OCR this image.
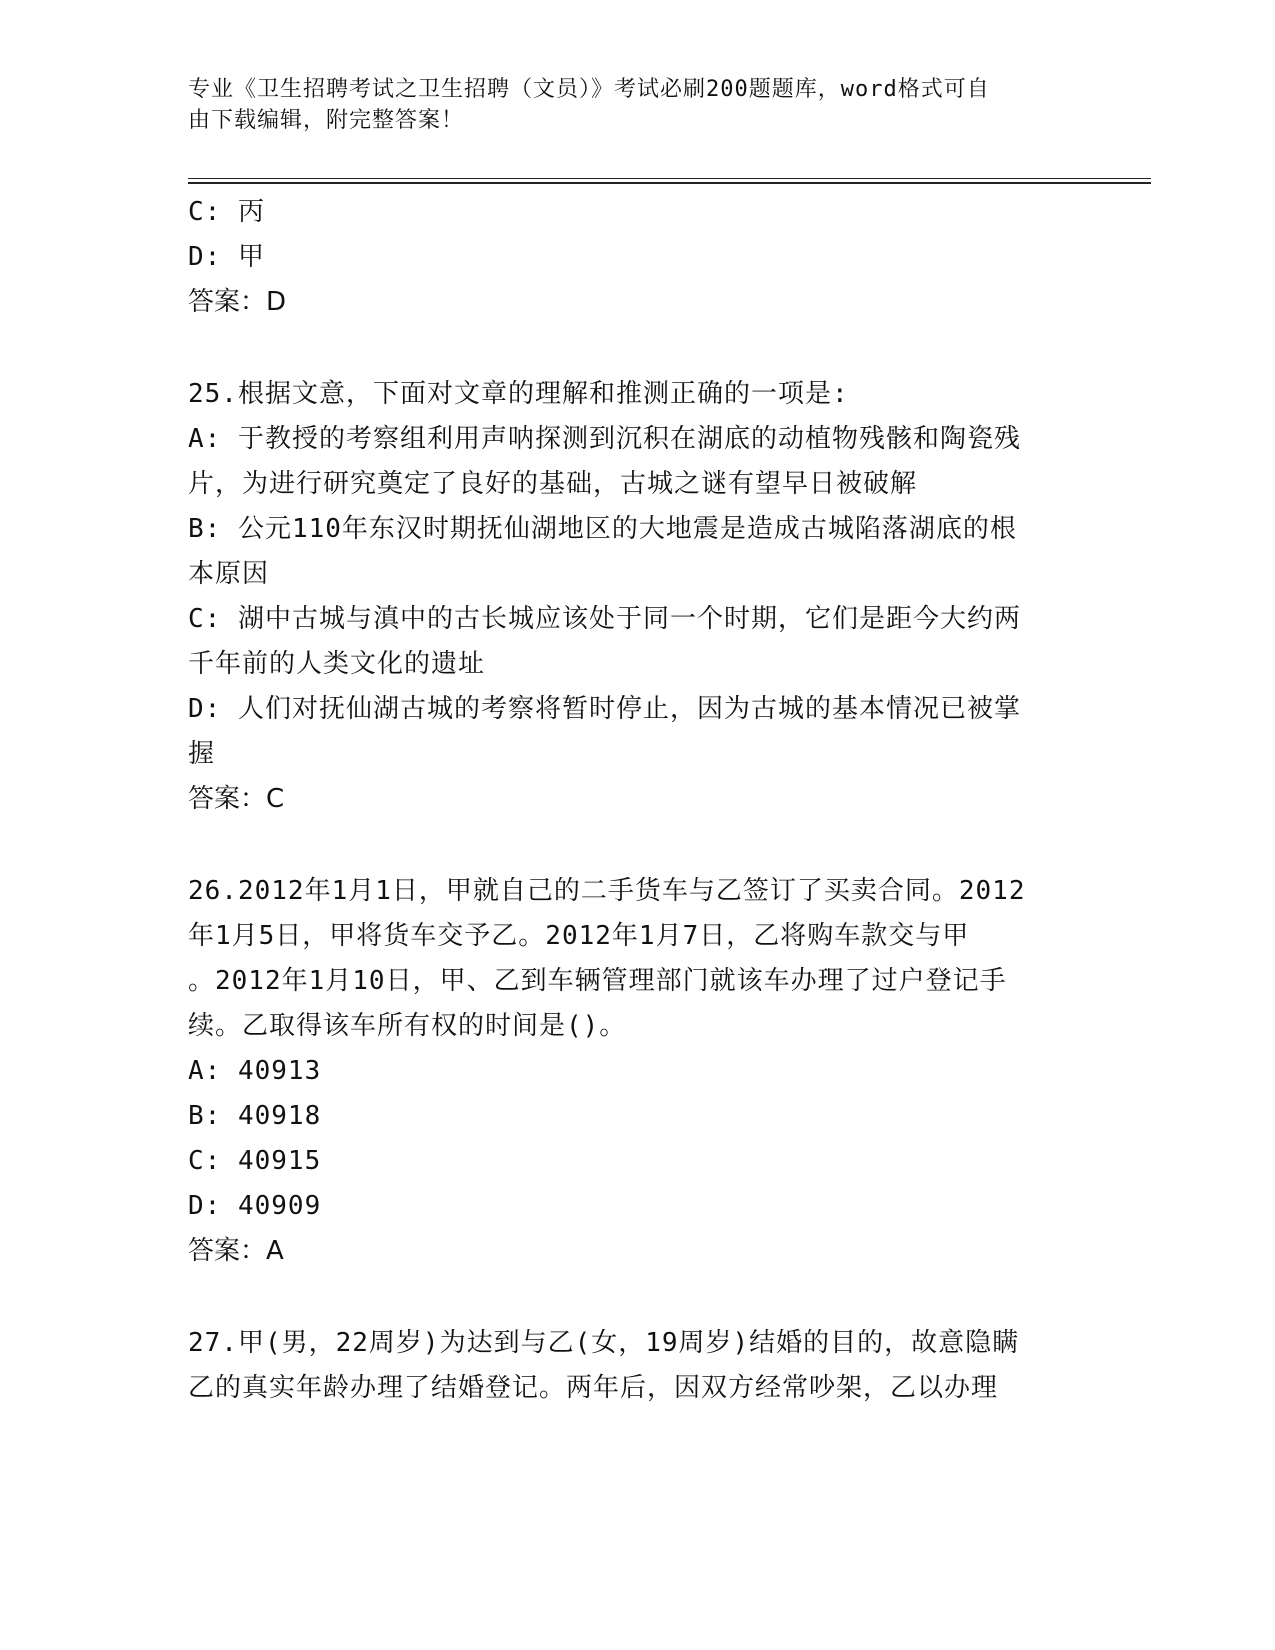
专业《卫生招聘考试之卫生招聘（文员）》考试必刷200题题库，word格式可自
由下载编辑，附完整答案！
C: 丙
D: 甲
答案：D
25.根据文意，下面对文章的理解和推测正确的一项是:
A: 于教授的考察组利用声呐探测到沉积在湖底的动植物残骸和陶瓷残
片，为进行研究奠定了良好的基础，古城之谜有望早日被破解
B: 公元110年东汉时期抚仙湖地区的大地震是造成古城陷落湖底的根
本原因
C: 湖中古城与滇中的古长城应该处于同一个时期，它们是距今大约两
千年前的人类文化的遗址
D: 人们对抚仙湖古城的考察将暂时停止，因为古城的基本情况已被掌
握
答案：C
26.2012年1月1日，甲就自己的二手货车与乙签订了买卖合同。2012
年1月5日，甲将货车交予乙。2012年1月7日，乙将购车款交与甲
。2012年1月10日，甲、乙到车辆管理部门就该车办理了过户登记手
续。乙取得该车所有权的时间是()。
A: 40913
B: 40918
C: 40915
D: 40909
答案：A
27.甲(男，22周岁)为达到与乙(女，19周岁)结婚的目的，故意隐瞒
乙的真实年龄办理了结婚登记。两年后，因双方经常吵架，乙以办理
